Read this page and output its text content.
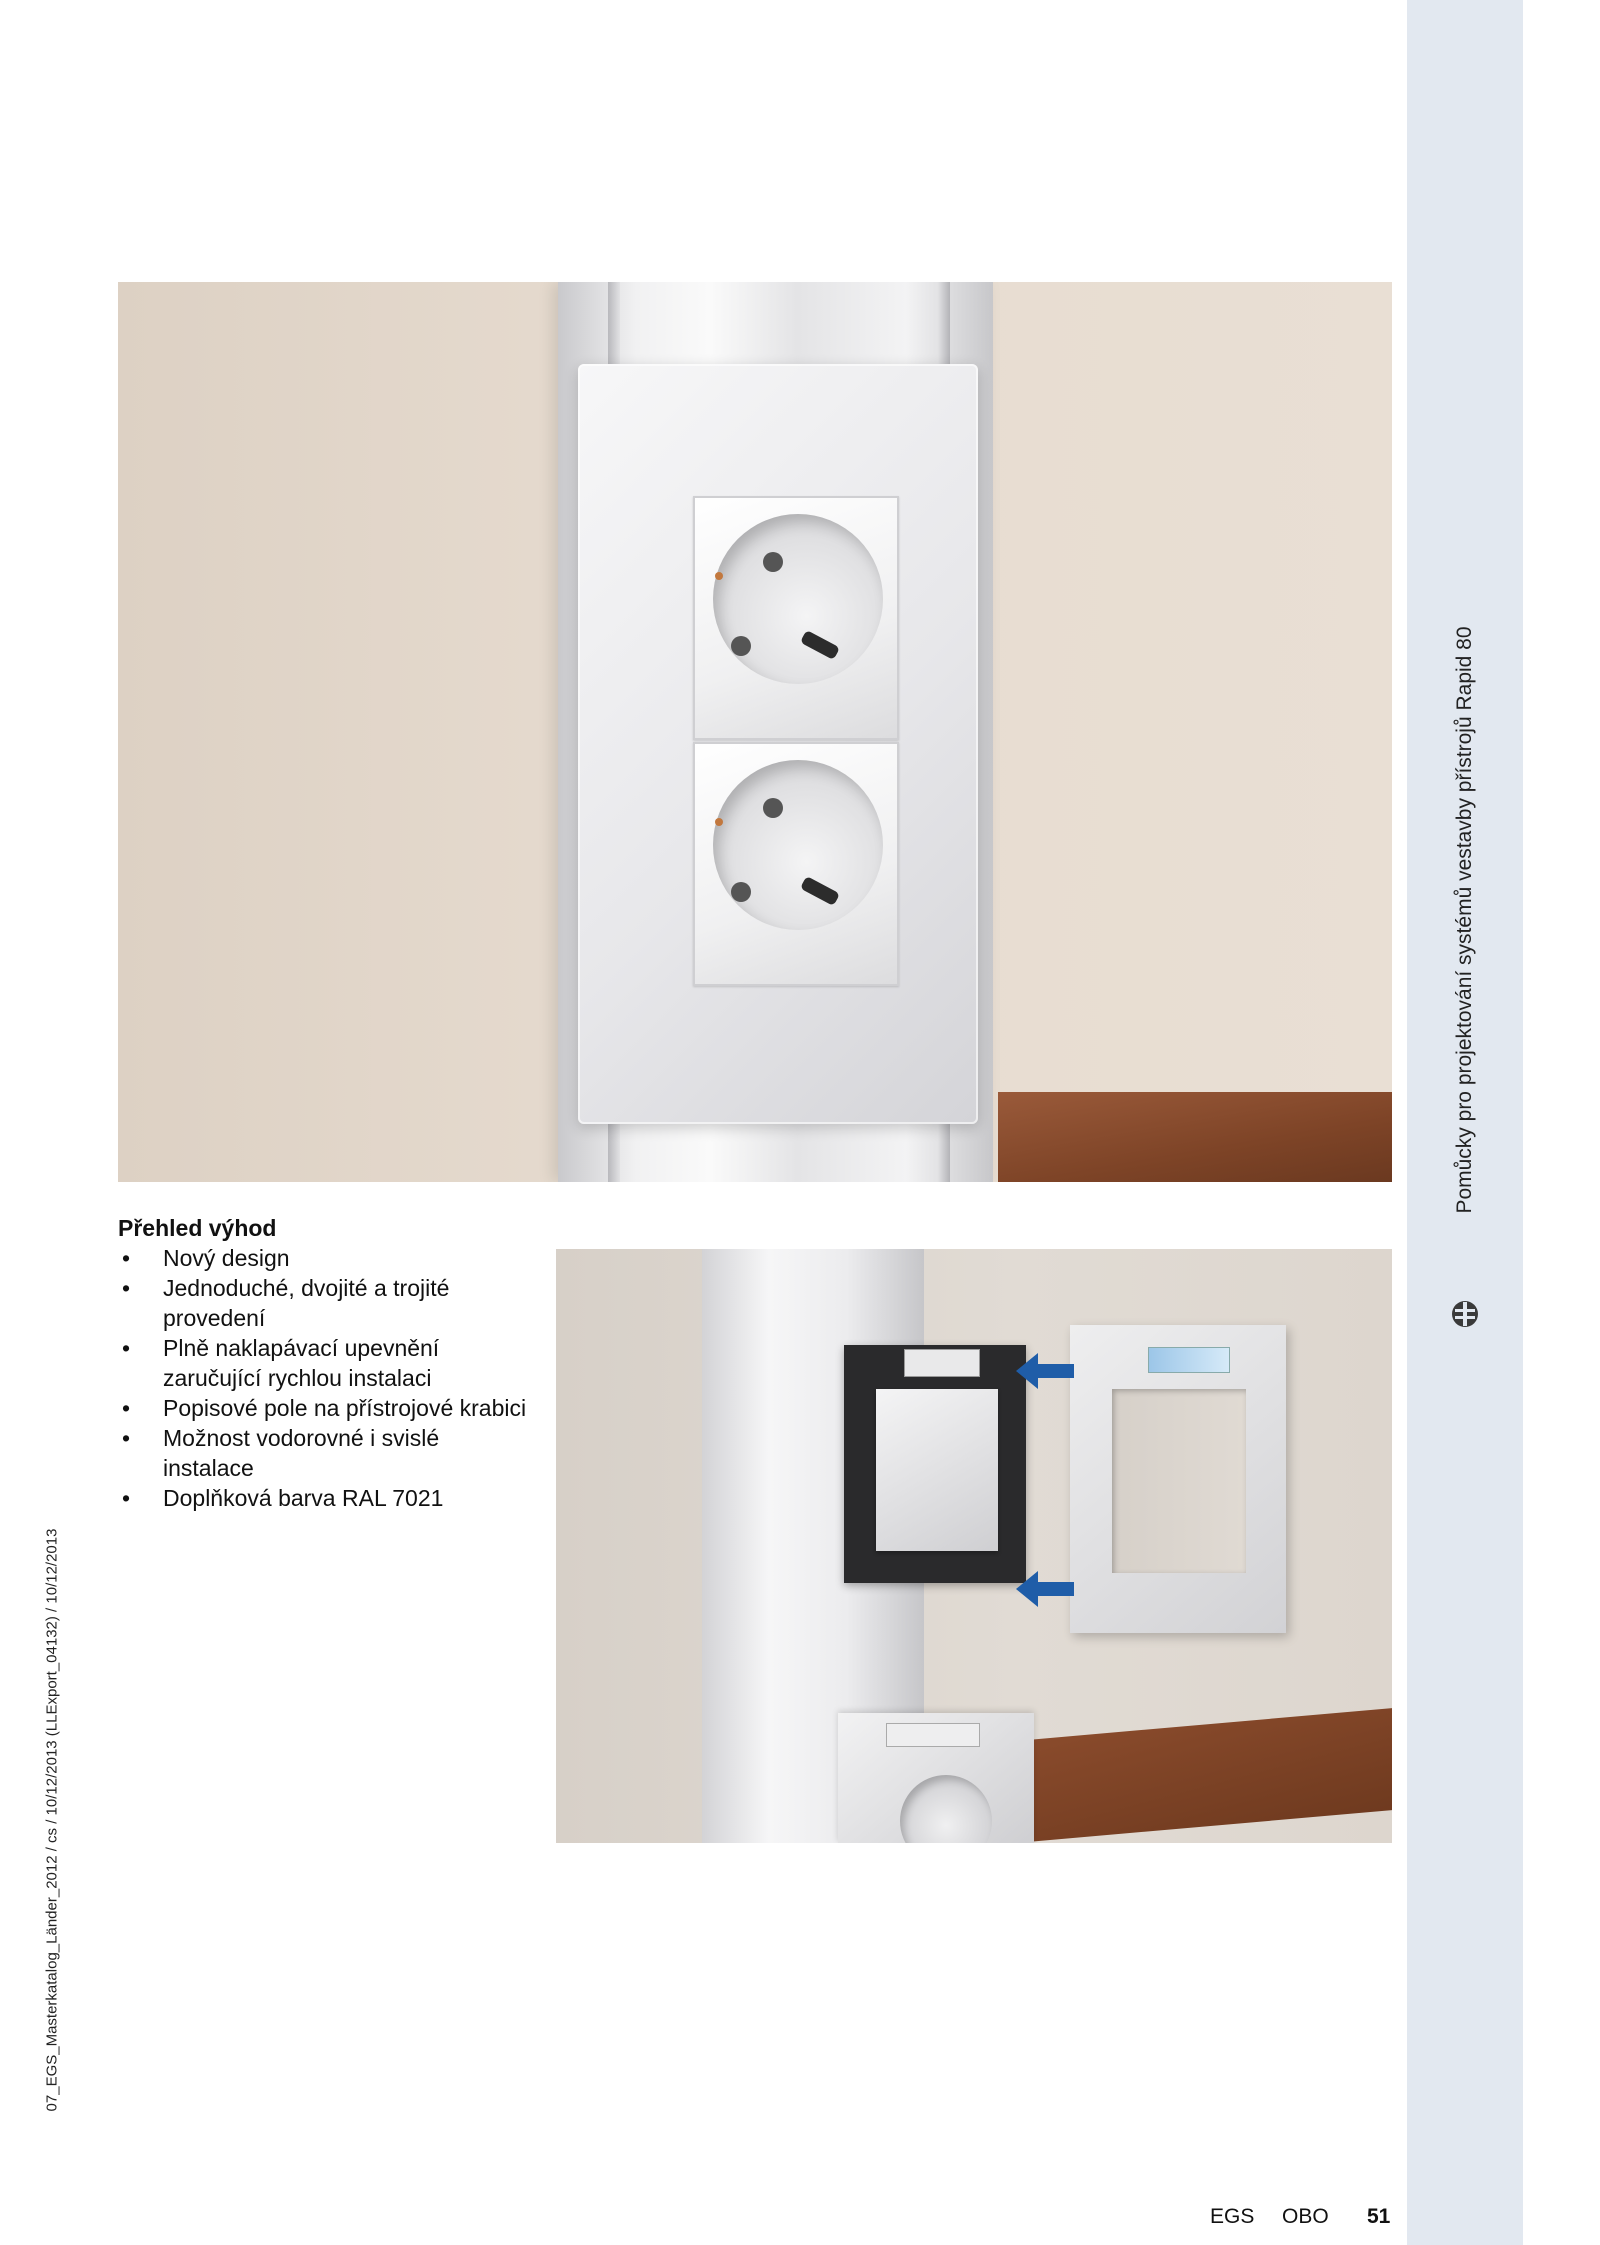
Pomůcky pro projektování systémů vestavby přístrojů Rapid 80
07_EGS_Masterkatalog_Länder_2012 / cs / 10/12/2013 (LLExport_04132) / 10/12/2013
Přehled výhod
• Nový design
• Jednoduché, dvojité a trojité provedení
• Plně naklapávací upevnění zaručující rychlou instalaci
• Popisové pole na přístrojové krabici
• Možnost vodorovné i svislé instalace
• Doplňková barva RAL 7021
EGS OBO 51
